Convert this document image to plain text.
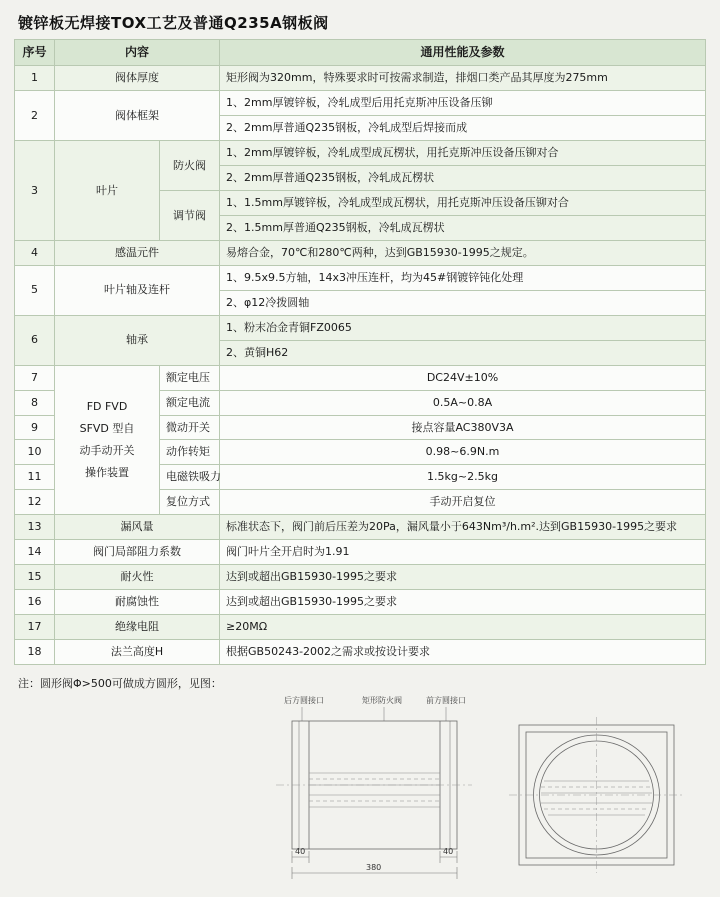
镀锌板无焊接TOX工艺及普通Q235A钢板阀
序号	内容		通用性能及参数
1	阀体厚度		矩形阀为320mm，特殊要求时可按需求制造，排烟口类产品其厚度为275mm
2	阀体框架		1、2mm厚镀锌板，冷轧成型后用托克斯冲压设备压铆
			2、2mm厚普通Q235钢板，冷轧成型后焊接而成
3	叶片	防火阀	1、2mm厚镀锌板，冷轧成型成瓦楞状，用托克斯冲压设备压铆对合
			2、2mm厚普通Q235钢板，冷轧成瓦楞状
		调节阀	1、1.5mm厚镀锌板，冷轧成型成瓦楞状，用托克斯冲压设备压铆对合
			2、1.5mm厚普通Q235钢板，冷轧成瓦楞状
4	感温元件		易熔合金，70℃和280℃两种，达到GB15930-1995之规定。
5	叶片轴及连杆		1、9.5x9.5方轴，14x3冲压连杆，均为45#钢镀锌钝化处理
			2、φ12冷拨圆轴
6	轴承		1、粉末冶金青铜FZ0065
			2、黄铜H62
7	FD FVD
SFVD 型自
动手动开关
操作装置	额定电压	DC24V±10%
8		额定电流	0.5A~0.8A
9		微动开关	接点容量AC380V3A
10		动作转矩	0.98~6.9N.m
11		电磁铁吸力	1.5kg~2.5kg
12		复位方式	手动开启复位
13	漏风量		标准状态下，阀门前后压差为20Pa，漏风量小于643Nm³/h.m².达到GB15930-1995之要求
14	阀门局部阻力系数		阀门叶片全开启时为1.91
15	耐火性		达到或超出GB15930-1995之要求
16	耐腐蚀性		达到或超出GB15930-1995之要求
17	绝缘电阻		≥20MΩ
18	法兰高度H		根据GB50243-2002之需求或按设计要求
注：圆形阀Φ>500可做成方圆形，见图：
后方圆接口	矩形防火阀	前方圆接口
40	40
380
